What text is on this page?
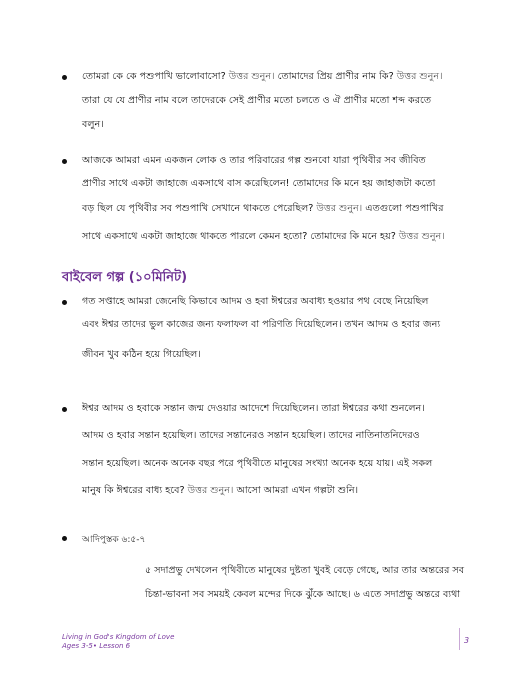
তোমরা কে কে পশুপাখি ভালোবাসো? উত্তর শুনুন। তোমাদের প্রিয় প্রাণীর নাম কি? উত্তর শুনুন।
তারা যে যে প্রাণীর নাম বলে তাদেরকে সেই প্রাণীর মতো চলতে ও ঐ প্রাণীর মতো শব্দ করতে
বলুন।
আজকে আমরা এমন একজন লোক ও তার পরিবারের গল্প শুনবো যারা পৃথিবীর সব জীবিত
প্রাণীর সাথে একটা জাহাজে একসাথে বাস করেছিলেন! তোমাদের কি মনে হয় জাহাজটা কতো
বড় ছিল যে পৃথিবীর সব পশুপাখি সেখানে থাকতে পেরেছিল? উত্তর শুনুন। এতগুলো পশুপাখির
সাথে একসাথে একটা জাহাজে থাকতে পারলে কেমন হতো? তোমাদের কি মনে হয়? উত্তর শুনুন।
বাইবেল গল্প (১০মিনিট)
গত সপ্তাহে আমরা জেনেছি কিভাবে আদম ও হবা ঈশ্বরের অবাধ্য হওয়ার পথ বেছে নিয়েছিল
এবং ঈশ্বর তাদের ভুল কাজের জন্য ফলাফল বা পরিণতি দিয়েছিলেন। তখন আদম ও হবার জন্য
জীবন খুব কঠিন হয়ে গিয়েছিল।
ঈশ্বর আদম ও হবাকে সন্তান জন্ম দেওয়ার আদেশে দিয়েছিলেন। তারা ঈশ্বরের কথা শুনলেন।
আদম ও হবার সন্তান হয়েছিল। তাদের সন্তানেরও সন্তান হয়েছিল। তাদের নাতিনাতনিদেরও
সন্তান হয়েছিল। অনেক অনেক বছর পরে পৃথিবীতে মানুষের সংখ্যা অনেক হয়ে যায়। এই সকল
মানুষ কি ঈশ্বরের বাধ্য হবে? উত্তর শুনুন। আসো আমরা এখন গল্পটা শুনি।
আদিপুস্তক ৬:৫-৭
৫ সদাপ্রভু দেখলেন পৃথিবীতে মানুষের দুষ্টতা খুবই বেড়ে গেছে, আর তার অন্তরের সব
চিন্তা-ভাবনা সব সময়ই কেবল মন্দের দিকে ঝুঁকে আছে। ৬ এতে সদাপ্রভু অন্তরে ব্যথা
Living in God's Kingdom of Love
Ages 3-5• Lesson 6
3
